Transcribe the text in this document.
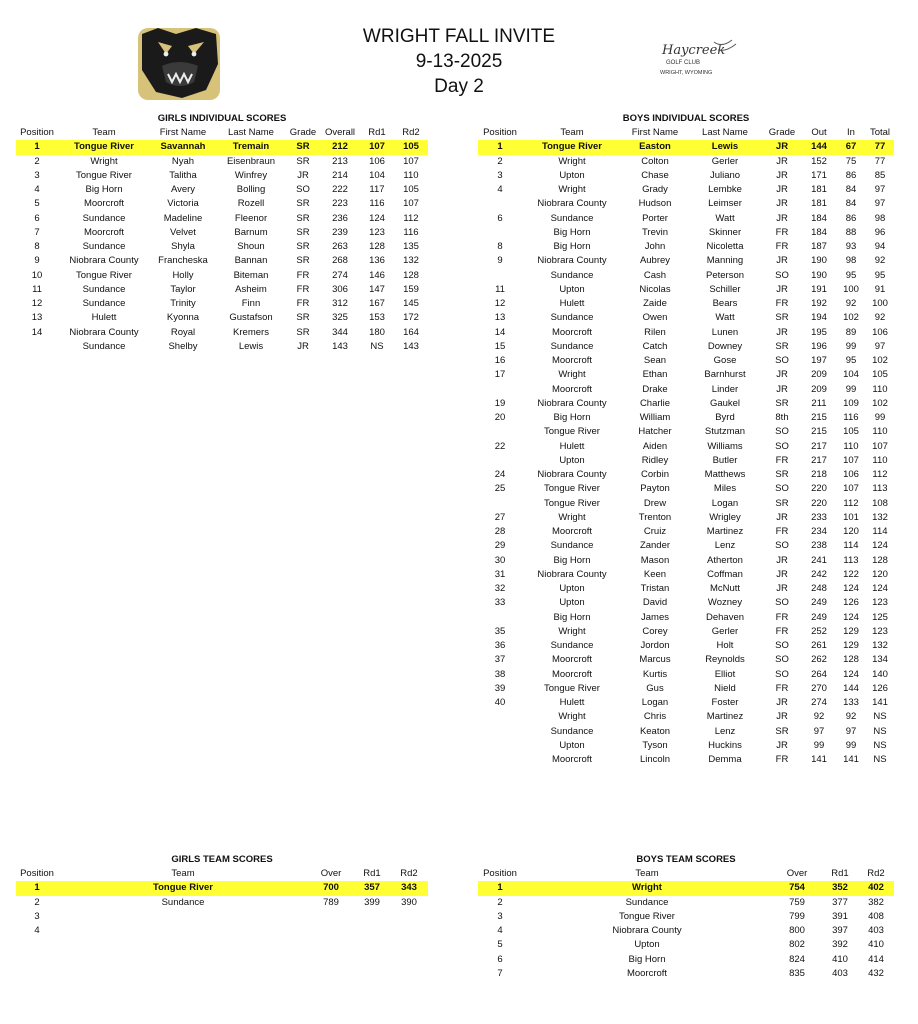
Haycreek
GOLF CLUB
WRIGHT, WYOMING
WRIGHT FALL INVITE
9-13-2025
Day 2
GIRLS INDIVIDUAL SCORES
Position	Team	First Name	Last Name	Grade	Overall	Rd1	Rd2
1	Tongue River	Savannah	Tremain	SR	212	107	105
2	Wright	Nyah	Eisenbraun	SR	213	106	107
3	Tongue River	Talitha	Winfrey	JR	214	104	110
4	Big Horn	Avery	Bolling	SO	222	117	105
5	Moorcroft	Victoria	Rozell	SR	223	116	107
6	Sundance	Madeline	Fleenor	SR	236	124	112
7	Moorcroft	Velvet	Barnum	SR	239	123	116
8	Sundance	Shyla	Shoun	SR	263	128	135
9	Niobrara County	Francheska	Bannan	SR	268	136	132
10	Tongue River	Holly	Biteman	FR	274	146	128
11	Sundance	Taylor	Asheim	FR	306	147	159
12	Sundance	Trinity	Finn	FR	312	167	145
13	Hulett	Kyonna	Gustafson	SR	325	153	172
14	Niobrara County	Royal	Kremers	SR	344	180	164
	Sundance	Shelby	Lewis	JR	143	NS	143
BOYS INDIVIDUAL SCORES
Position	Team	First Name	Last Name	Grade	Out	In	Total
1	Tongue River	Easton	Lewis	JR	144	67	77
2	Wright	Colton	Gerler	JR	152	75	77
3	Upton	Chase	Juliano	JR	171	86	85
4	Wright	Grady	Lembke	JR	181	84	97
	Niobrara County	Hudson	Leimser	JR	181	84	97
6	Sundance	Porter	Watt	JR	184	86	98
	Big Horn	Trevin	Skinner	FR	184	88	96
8	Big Horn	John	Nicoletta	FR	187	93	94
9	Niobrara County	Aubrey	Manning	JR	190	98	92
	Sundance	Cash	Peterson	SO	190	95	95
11	Upton	Nicolas	Schiller	JR	191	100	91
12	Hulett	Zaide	Bears	FR	192	92	100
13	Sundance	Owen	Watt	SR	194	102	92
14	Moorcroft	Rilen	Lunen	JR	195	89	106
15	Sundance	Catch	Downey	SR	196	99	97
16	Moorcroft	Sean	Gose	SO	197	95	102
17	Wright	Ethan	Barnhurst	JR	209	104	105
	Moorcroft	Drake	Linder	JR	209	99	110
19	Niobrara County	Charlie	Gaukel	SR	211	109	102
20	Big Horn	William	Byrd	8th	215	116	99
	Tongue River	Hatcher	Stutzman	SO	215	105	110
22	Hulett	Aiden	Williams	SO	217	110	107
	Upton	Ridley	Butler	FR	217	107	110
24	Niobrara County	Corbin	Matthews	SR	218	106	112
25	Tongue River	Payton	Miles	SO	220	107	113
	Tongue River	Drew	Logan	SR	220	112	108
27	Wright	Trenton	Wrigley	JR	233	101	132
28	Moorcroft	Cruiz	Martinez	FR	234	120	114
29	Sundance	Zander	Lenz	SO	238	114	124
30	Big Horn	Mason	Atherton	JR	241	113	128
31	Niobrara County	Keen	Coffman	JR	242	122	120
32	Upton	Tristan	McNutt	JR	248	124	124
33	Upton	David	Wozney	SO	249	126	123
	Big Horn	James	Dehaven	FR	249	124	125
35	Wright	Corey	Gerler	FR	252	129	123
36	Sundance	Jordon	Holt	SO	261	129	132
37	Moorcroft	Marcus	Reynolds	SO	262	128	134
38	Moorcroft	Kurtis	Elliot	SO	264	124	140
39	Tongue River	Gus	Nield	FR	270	144	126
40	Hulett	Logan	Foster	JR	274	133	141
	Wright	Chris	Martinez	JR	92	92	NS
	Sundance	Keaton	Lenz	SR	97	97	NS
	Upton	Tyson	Huckins	JR	99	99	NS
	Moorcroft	Lincoln	Demma	FR	141	141	NS
GIRLS TEAM SCORES
Position	Team	Over	Rd1	Rd2
1	Tongue River	700	357	343
2	Sundance	789	399	390
3				
4				
BOYS TEAM SCORES
Position	Team	Over	Rd1	Rd2
1	Wright	754	352	402
2	Sundance	759	377	382
3	Tongue River	799	391	408
4	Niobrara County	800	397	403
5	Upton	802	392	410
6	Big Horn	824	410	414
7	Moorcroft	835	403	432
